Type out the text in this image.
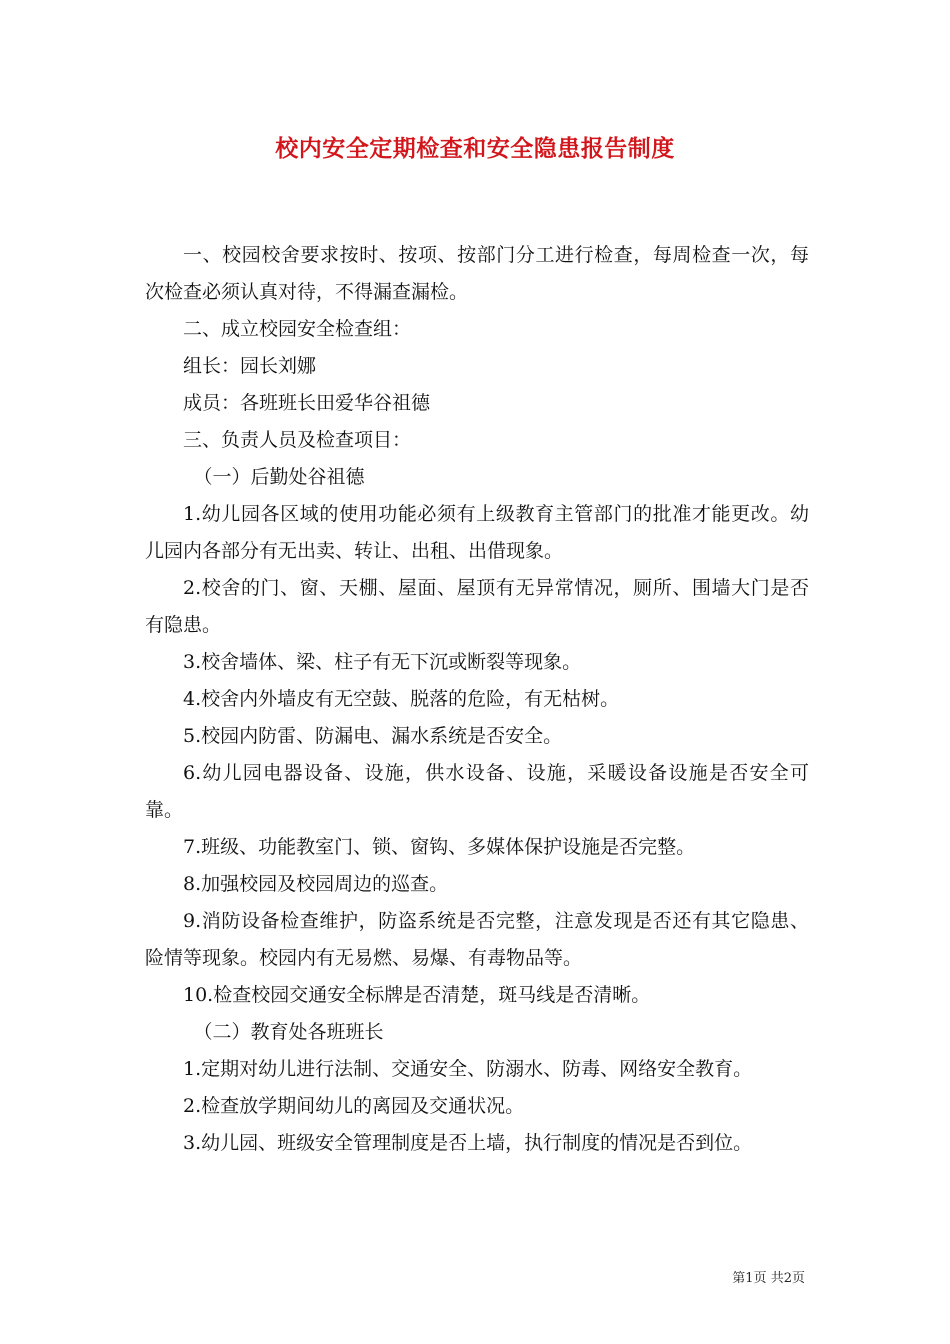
校内安全定期检查和安全隐患报告制度

一、校园校舍要求按时、按项、按部门分工进行检查，每周检查一次，每次检查必须认真对待，不得漏查漏检。

二、成立校园安全检查组：

组长：园长刘娜

成员：各班班长田爱华谷祖德

三、负责人员及检查项目：

（一）后勤处谷祖德

1.幼儿园各区域的使用功能必须有上级教育主管部门的批准才能更改。幼儿园内各部分有无出卖、转让、出租、出借现象。

2.校舍的门、窗、天棚、屋面、屋顶有无异常情况，厕所、围墙大门是否有隐患。

3.校舍墙体、梁、柱子有无下沉或断裂等现象。

4.校舍内外墙皮有无空鼓、脱落的危险，有无枯树。

5.校园内防雷、防漏电、漏水系统是否安全。

6.幼儿园电器设备、设施，供水设备、设施，采暖设备设施是否安全可靠。

7.班级、功能教室门、锁、窗钩、多媒体保护设施是否完整。

8.加强校园及校园周边的巡查。

9.消防设备检查维护，防盗系统是否完整，注意发现是否还有其它隐患、险情等现象。校园内有无易燃、易爆、有毒物品等。

10.检查校园交通安全标牌是否清楚，斑马线是否清晰。

（二）教育处各班班长

1.定期对幼儿进行法制、交通安全、防溺水、防毒、网络安全教育。

2.检查放学期间幼儿的离园及交通状况。

3.幼儿园、班级安全管理制度是否上墙，执行制度的情况是否到位。

第1页 共2页
